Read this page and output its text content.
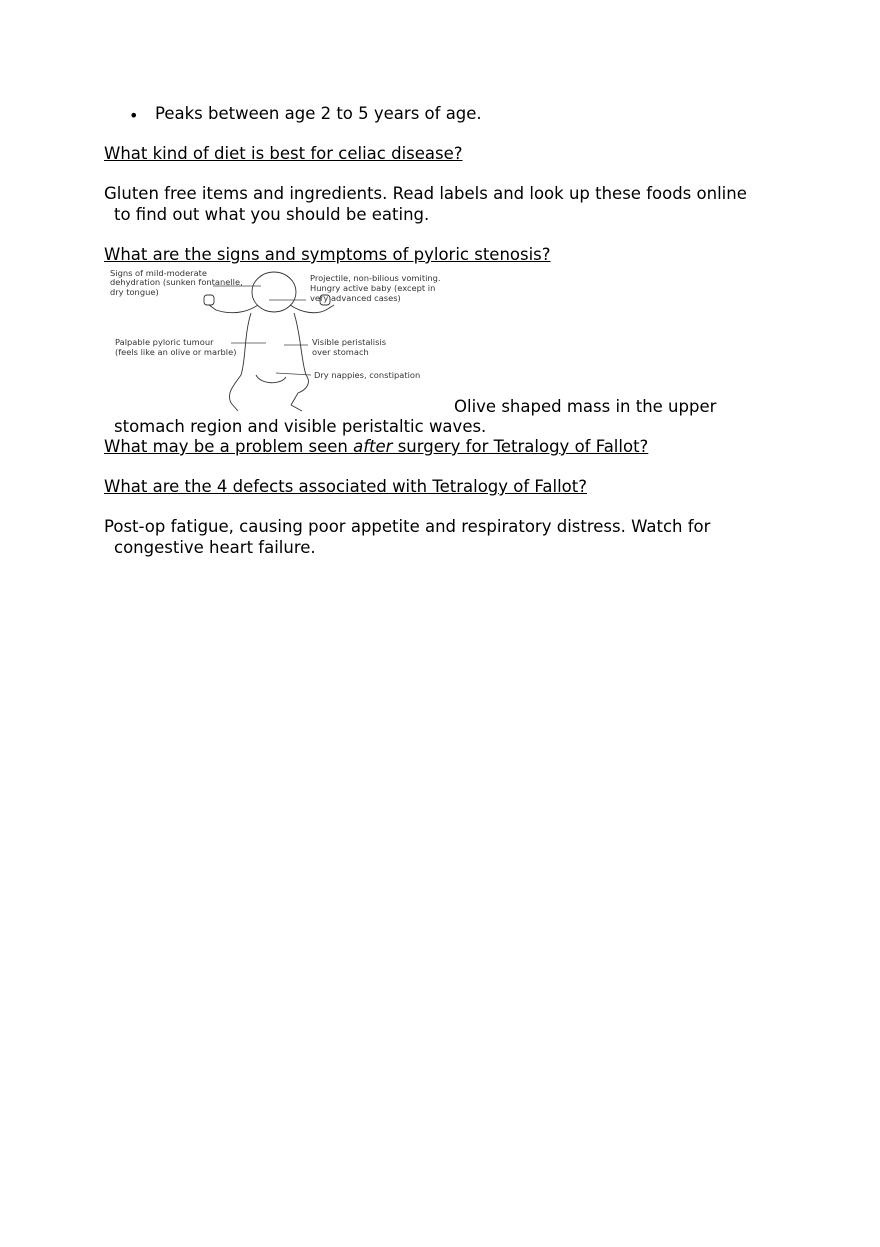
• Peaks between age 2 to 5 years of age.
What kind of diet is best for celiac disease?
Gluten free items and ingredients. Read labels and look up these foods online
to find out what you should be eating.
What are the signs and symptoms of pyloric stenosis?
Signs of mild-moderate
dehydration (sunken fontanelle,
dry tongue)
Projectile, non-bilious vomiting.
Hungry active baby (except in
very advanced cases)
Palpable pyloric tumour
(feels like an olive or marble)
Visible peristalisis
over stomach
Dry nappies, constipation
Olive shaped mass in the upper
stomach region and visible peristaltic waves.
What may be a problem seen after surgery for Tetralogy of Fallot?
What are the 4 defects associated with Tetralogy of Fallot?
Post-op fatigue, causing poor appetite and respiratory distress. Watch for
congestive heart failure.
